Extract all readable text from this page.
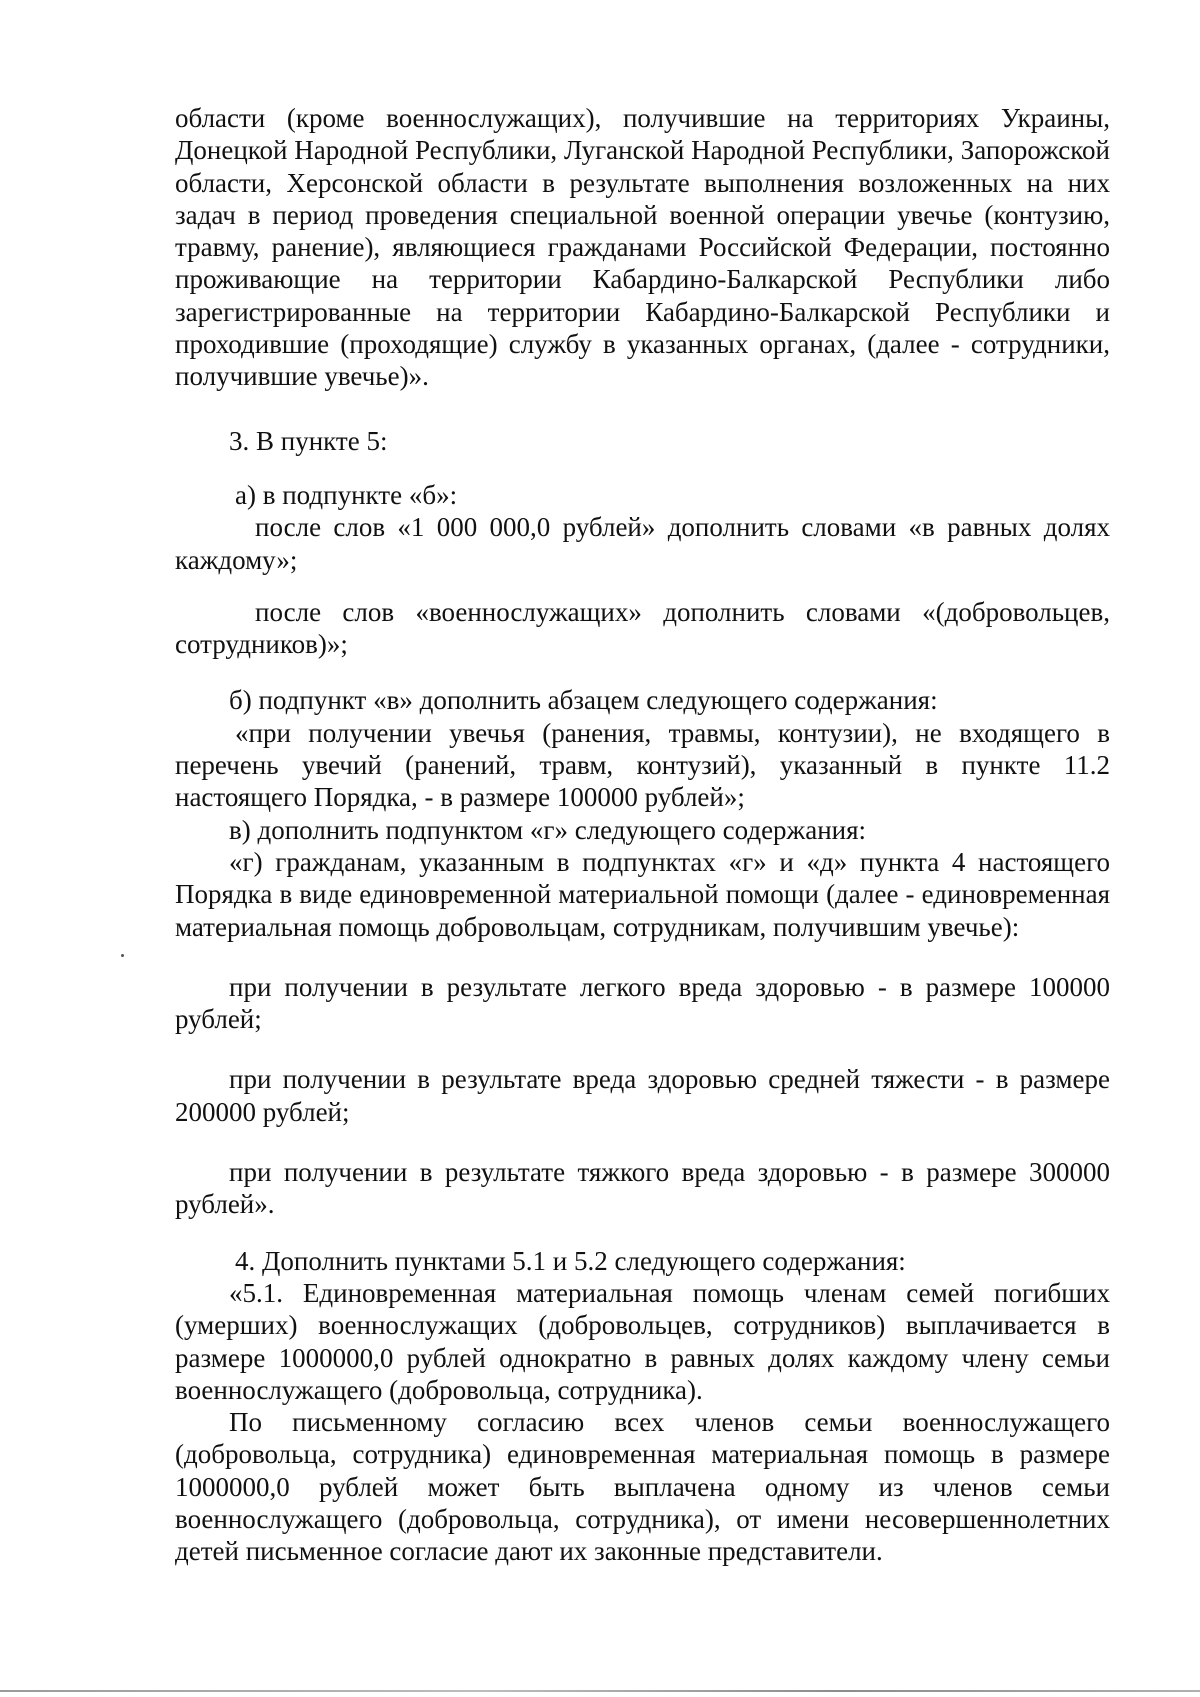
области (кроме военнослужащих), получившие на территориях Украины, Донецкой Народной Республики, Луганской Народной Республики, Запорожской области, Херсонской области в результате выполнения возложенных на них задач в период проведения специальной военной операции увечье (контузию, травму, ранение), являющиеся гражданами Российской Федерации, постоянно проживающие на территории Кабардино-Балкарской Республики либо зарегистрированные на территории Кабардино-Балкарской Республики и проходившие (проходящие) службу в указанных органах, (далее - сотрудники, получившие увечье)».

3. В пункте 5:

а) в подпункте «б»:

после слов «1 000 000,0 рублей» дополнить словами «в равных долях каждому»;

после слов «военнослужащих» дополнить словами «(добровольцев, сотрудников)»;

б) подпункт «в» дополнить абзацем следующего содержания:

«при получении увечья (ранения, травмы, контузии), не входящего в перечень увечий (ранений, травм, контузий), указанный в пункте 11.2 настоящего Порядка, - в размере 100000 рублей»;

в) дополнить подпунктом «г» следующего содержания:

«г) гражданам, указанным в подпунктах «г» и «д» пункта 4 настоящего Порядка в виде единовременной материальной помощи (далее - единовременная материальная помощь добровольцам, сотрудникам, получившим увечье):

при получении в результате легкого вреда здоровью - в размере 100000 рублей;

при получении в результате вреда здоровью средней тяжести - в размере 200000 рублей;

при получении в результате тяжкого вреда здоровью - в размере 300000 рублей».

4. Дополнить пунктами 5.1 и 5.2 следующего содержания:

«5.1. Единовременная материальная помощь членам семей погибших (умерших) военнослужащих (добровольцев, сотрудников) выплачивается в размере 1000000,0 рублей однократно в равных долях каждому члену семьи военнослужащего (добровольца, сотрудника).

По письменному согласию всех членов семьи военнослужащего (добровольца, сотрудника) единовременная материальная помощь в размере 1000000,0 рублей может быть выплачена одному из членов семьи военнослужащего (добровольца, сотрудника), от имени несовершеннолетних детей письменное согласие дают их законные представители.
